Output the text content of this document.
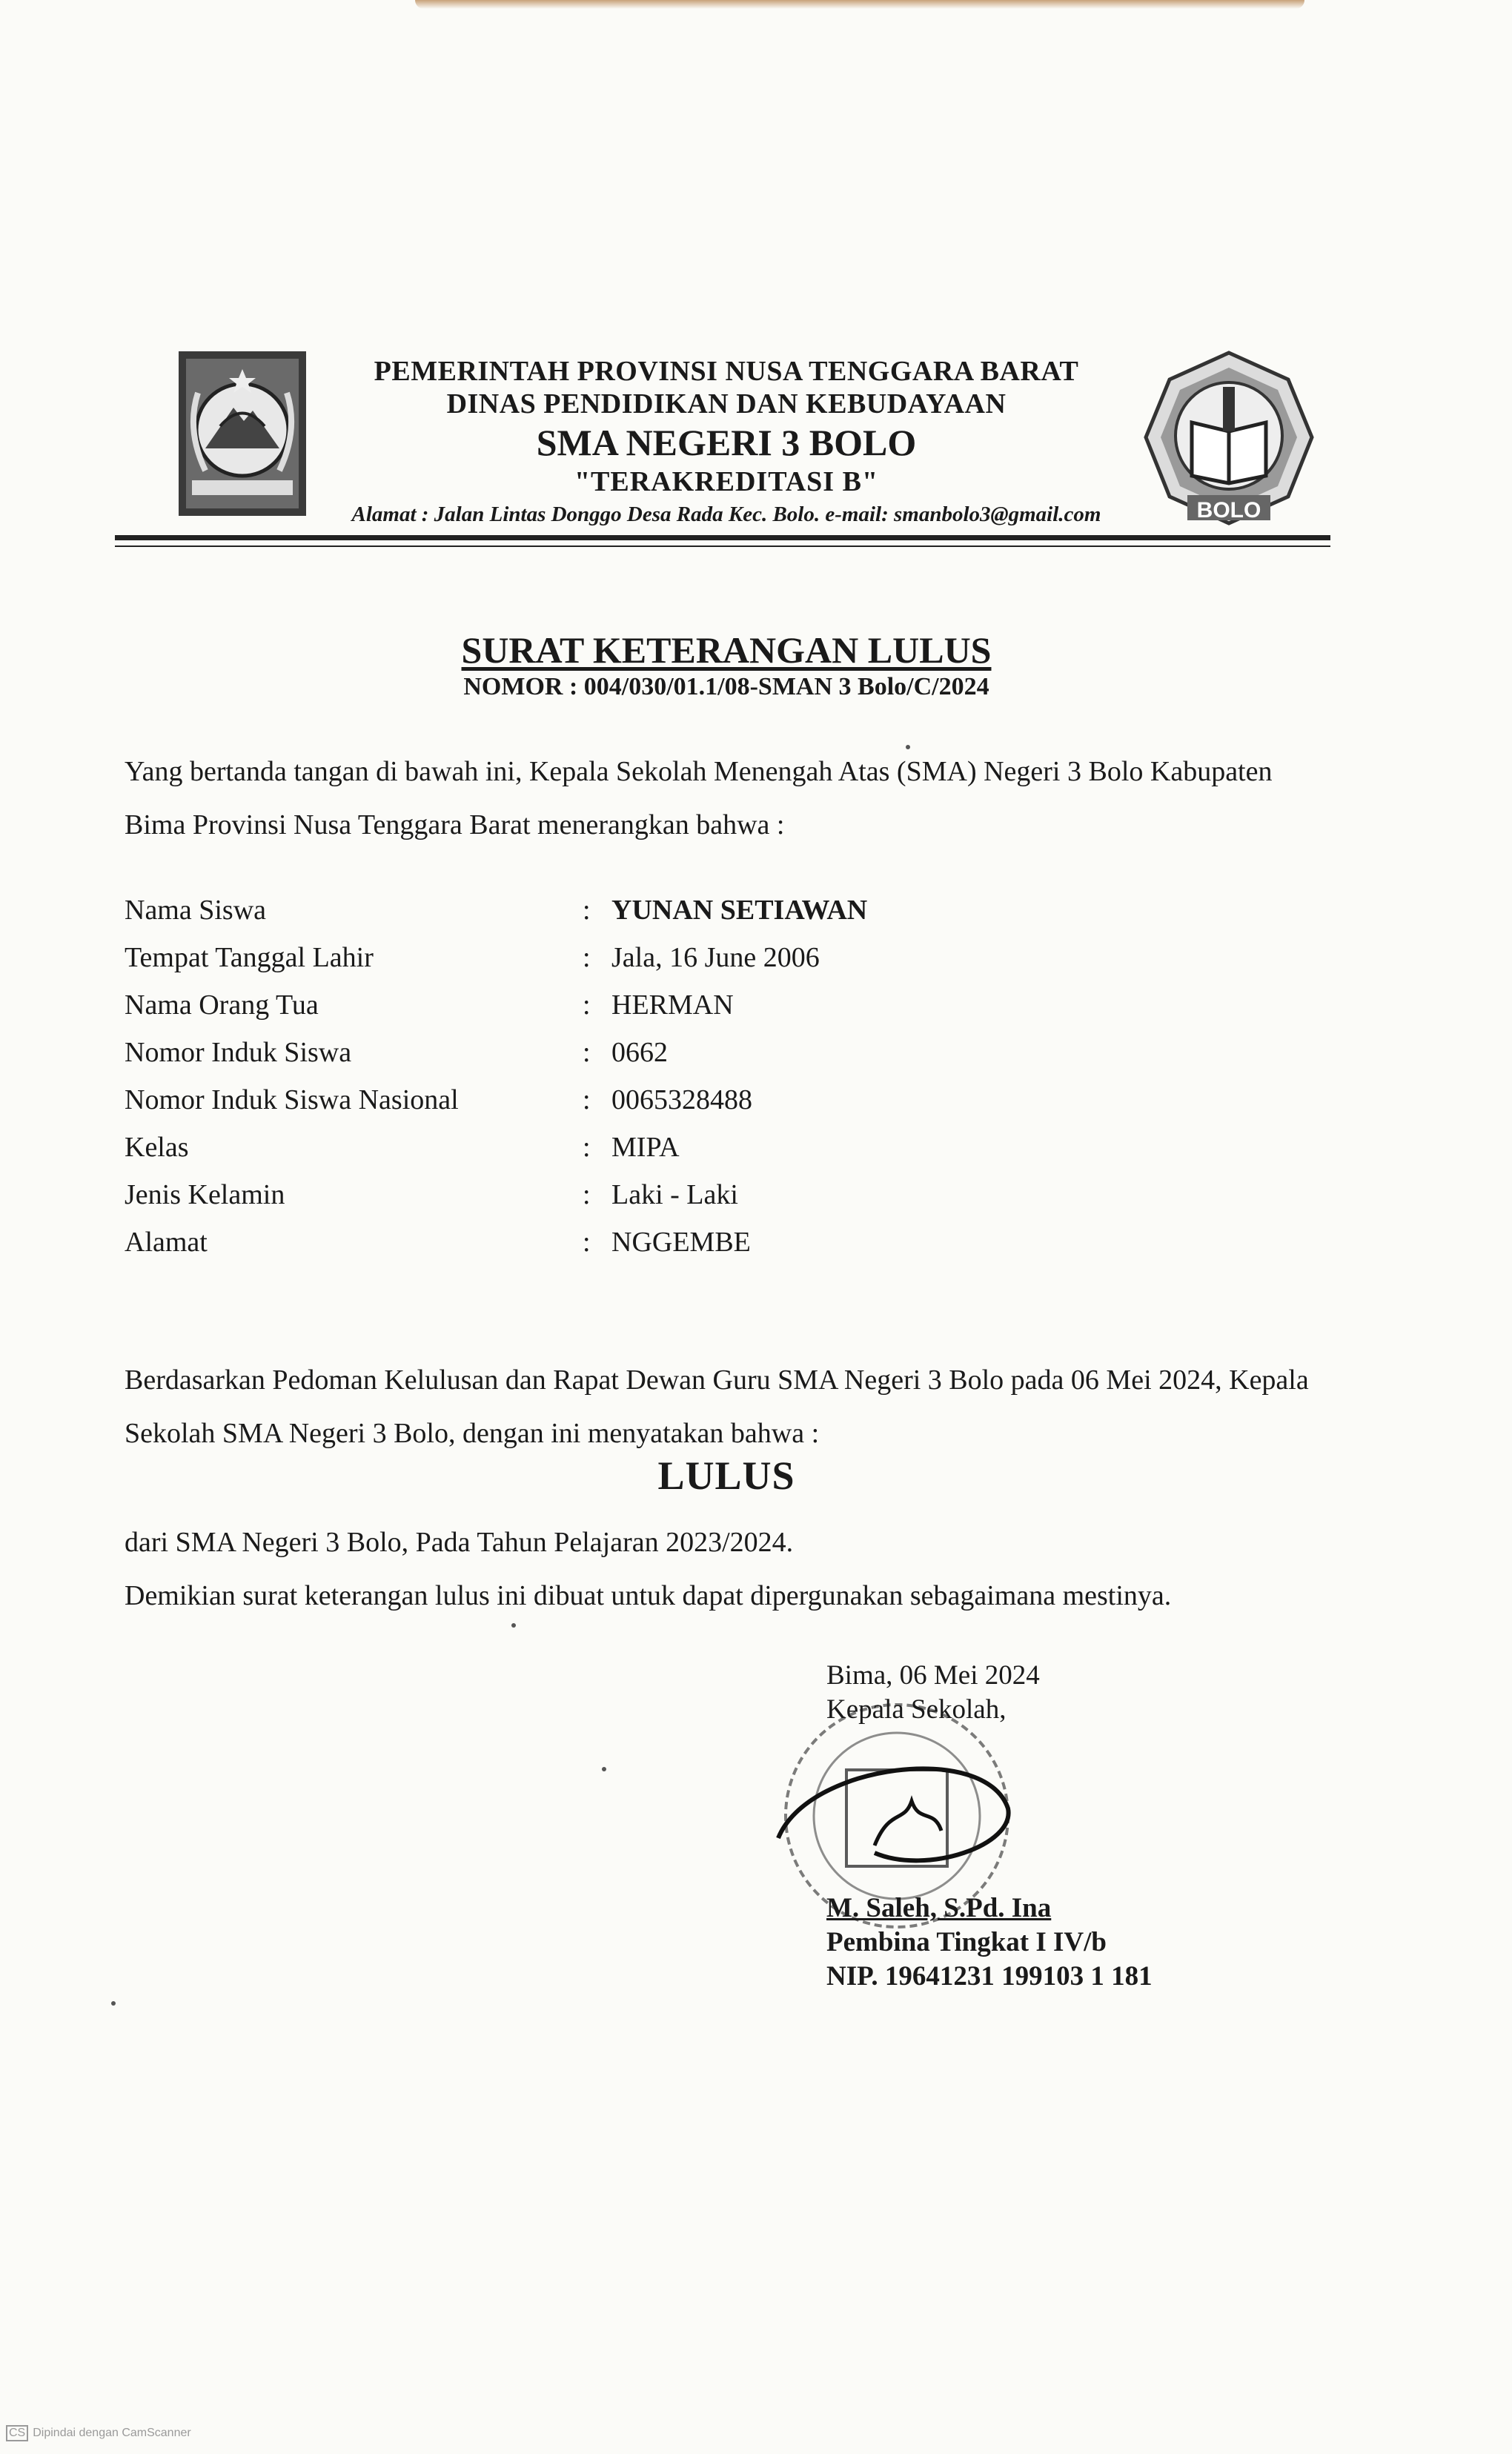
BOLO
PEMERINTAH PROVINSI NUSA TENGGARA BARAT
DINAS PENDIDIKAN DAN KEBUDAYAAN
SMA NEGERI 3 BOLO
"TERAKREDITASI B"
Alamat : Jalan Lintas Donggo Desa Rada Kec. Bolo. e-mail: smanbolo3@gmail.com
SURAT KETERANGAN LULUS
NOMOR : 004/030/01.1/08-SMAN 3 Bolo/C/2024
Yang bertanda tangan di bawah ini, Kepala Sekolah Menengah Atas (SMA) Negeri 3 Bolo Kabupaten Bima Provinsi Nusa Tenggara Barat menerangkan bahwa :
Nama Siswa	: YUNAN SETIAWAN
Tempat Tanggal Lahir	: Jala, 16 June 2006
Nama Orang Tua	: HERMAN
Nomor Induk Siswa	: 0662
Nomor Induk Siswa Nasional	: 0065328488
Kelas	: MIPA
Jenis Kelamin	: Laki - Laki
Alamat	: NGGEMBE
Berdasarkan Pedoman Kelulusan dan Rapat Dewan Guru SMA Negeri 3 Bolo pada 06 Mei 2024, Kepala Sekolah SMA Negeri 3 Bolo, dengan ini menyatakan bahwa :
LULUS
dari SMA Negeri 3 Bolo, Pada Tahun Pelajaran 2023/2024.
Demikian surat keterangan lulus ini dibuat untuk dapat dipergunakan sebagaimana mestinya.
Bima, 06 Mei 2024
Kepala Sekolah,
M. Saleh, S.Pd. Ina
Pembina Tingkat I IV/b
NIP. 19641231 199103 1 181
CS Dipindai dengan CamScanner
